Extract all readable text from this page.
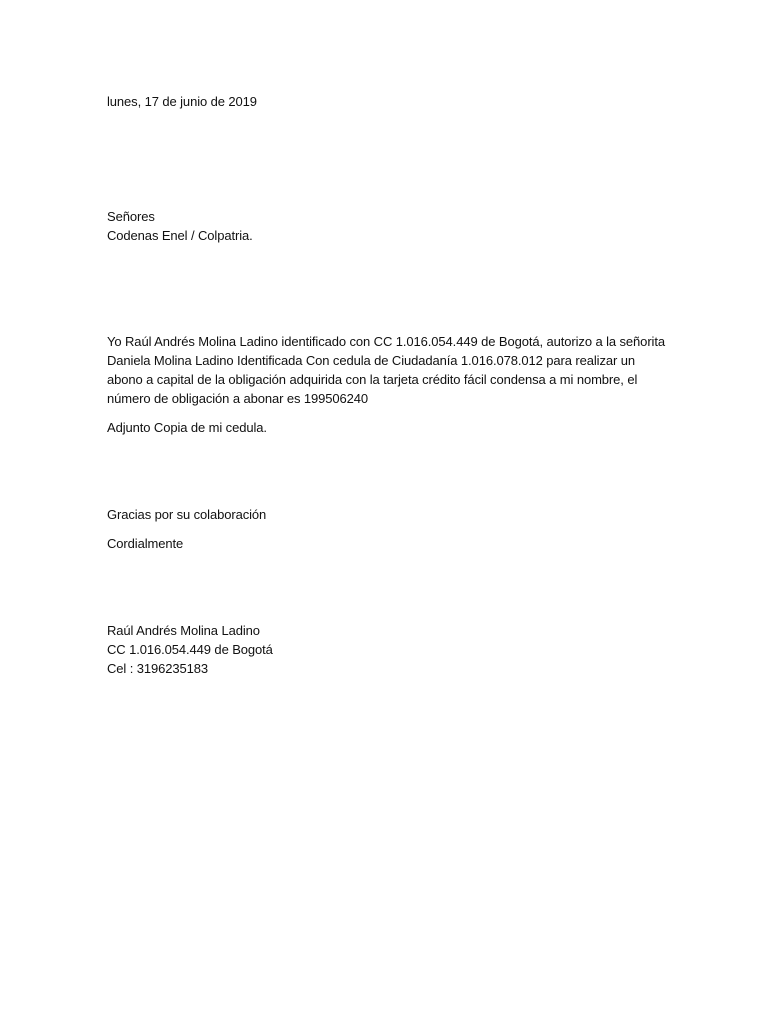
lunes, 17 de junio de 2019
Señores
Codenas Enel / Colpatria.
Yo Raúl Andrés Molina Ladino identificado con CC 1.016.054.449 de Bogotá, autorizo a la señorita
Daniela Molina Ladino Identificada Con cedula de Ciudadanía 1.016.078.012 para realizar un
abono a capital de la obligación adquirida con la tarjeta crédito fácil condensa a mi nombre, el
número de obligación a abonar es 199506240
Adjunto Copia de mi cedula.
Gracias por su colaboración
Cordialmente
Raúl Andrés Molina Ladino
CC 1.016.054.449 de Bogotá
Cel : 3196235183
